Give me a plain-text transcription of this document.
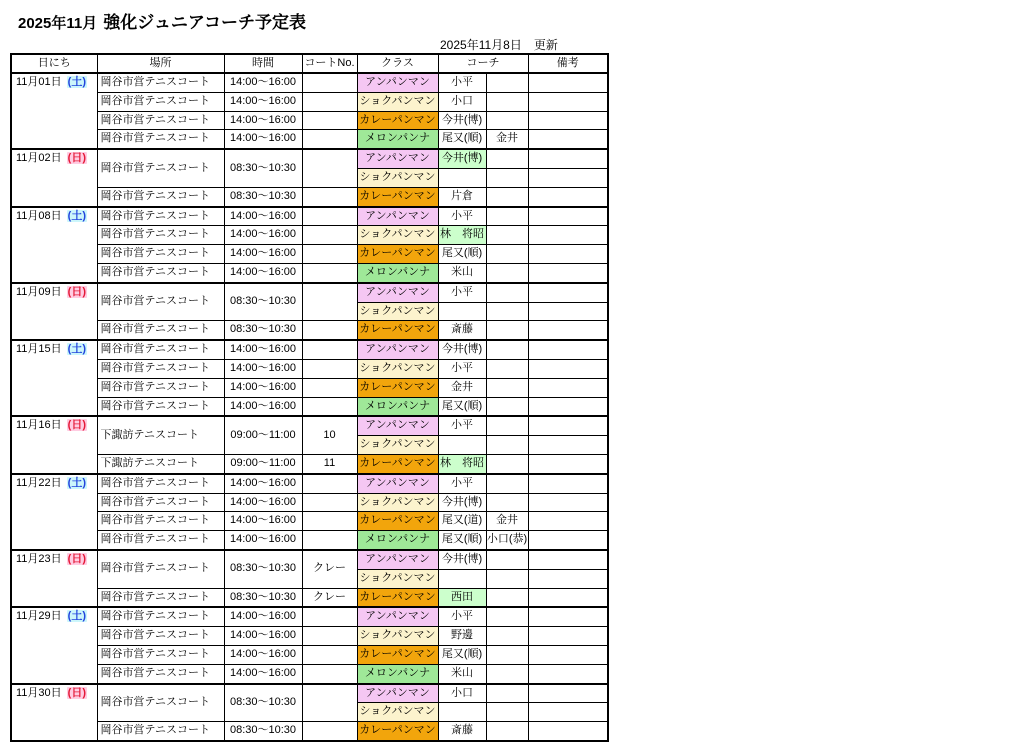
2025年11月 強化ジュニアコーチ予定表
2025年11月8日　更新
日にち	場所	時間	コートNo.	クラス	コーチ		備考
11月01日 (土)	岡谷市営テニスコート	14:00～16:00		アンパンマン	小平		
	岡谷市営テニスコート	14:00～16:00		ショクパンマン	小口		
	岡谷市営テニスコート	14:00～16:00		カレーパンマン	今井(博)		
	岡谷市営テニスコート	14:00～16:00		メロンパンナ	尾又(順)	金井	
11月02日 (日)	岡谷市営テニスコート	08:30～10:30		アンパンマン	今井(博)		
				ショクパンマン			
	岡谷市営テニスコート	08:30～10:30		カレーパンマン	片倉		
11月08日 (土)	岡谷市営テニスコート	14:00～16:00		アンパンマン	小平		
	岡谷市営テニスコート	14:00～16:00		ショクパンマン	林　将昭		
	岡谷市営テニスコート	14:00～16:00		カレーパンマン	尾又(順)		
	岡谷市営テニスコート	14:00～16:00		メロンパンナ	米山		
11月09日 (日)	岡谷市営テニスコート	08:30～10:30		アンパンマン	小平		
				ショクパンマン			
	岡谷市営テニスコート	08:30～10:30		カレーパンマン	斎藤		
11月15日 (土)	岡谷市営テニスコート	14:00～16:00		アンパンマン	今井(博)		
	岡谷市営テニスコート	14:00～16:00		ショクパンマン	小平		
	岡谷市営テニスコート	14:00～16:00		カレーパンマン	金井		
	岡谷市営テニスコート	14:00～16:00		メロンパンナ	尾又(順)		
11月16日 (日)	下諏訪テニスコート	09:00～11:00	10	アンパンマン	小平		
				ショクパンマン			
	下諏訪テニスコート	09:00～11:00	11	カレーパンマン	林　将昭		
11月22日 (土)	岡谷市営テニスコート	14:00～16:00		アンパンマン	小平		
	岡谷市営テニスコート	14:00～16:00		ショクパンマン	今井(博)		
	岡谷市営テニスコート	14:00～16:00		カレーパンマン	尾又(道)	金井	
	岡谷市営テニスコート	14:00～16:00		メロンパンナ	尾又(順)	小口(恭)	
11月23日 (日)	岡谷市営テニスコート	08:30～10:30	クレー	アンパンマン	今井(博)		
				ショクパンマン			
	岡谷市営テニスコート	08:30～10:30	クレー	カレーパンマン	西田		
11月29日 (土)	岡谷市営テニスコート	14:00～16:00		アンパンマン	小平		
	岡谷市営テニスコート	14:00～16:00		ショクパンマン	野邊		
	岡谷市営テニスコート	14:00～16:00		カレーパンマン	尾又(順)		
	岡谷市営テニスコート	14:00～16:00		メロンパンナ	米山		
11月30日 (日)	岡谷市営テニスコート	08:30～10:30		アンパンマン	小口		
				ショクパンマン			
	岡谷市営テニスコート	08:30～10:30		カレーパンマン	斎藤		
